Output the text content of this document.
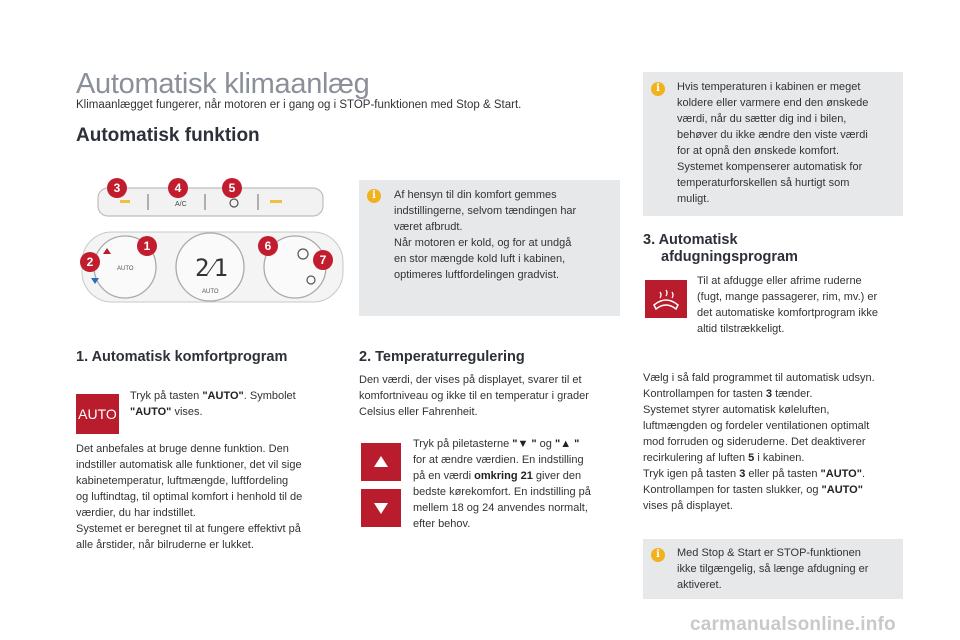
Automatisk klimaanlæg
Klimaanlægget fungerer, når motoren er i gang og i STOP-funktionen med Stop & Start.
Automatisk funktion
A/C
AUTO	2⁄1
AUTO
3	4	5
1
2
6
7
i	Af hensyn til din komfort gemmes
indstillingerne, selvom tændingen har
været afbrudt.
Når motoren er kold, og for at undgå
en stor mængde kold luft i kabinen,
optimeres luftfordelingen gradvist.
i	Hvis temperaturen i kabinen er meget
koldere eller varmere end den ønskede
værdi, når du sætter dig ind i bilen,
behøver du ikke ændre den viste værdi
for at opnå den ønskede komfort.
Systemet kompenserer automatisk for
temperaturforskellen så hurtigt som
muligt.
1. Automatisk komfortprogram
AUTO
Tryk på tasten "AUTO". Symbolet
"AUTO" vises.
Det anbefales at bruge denne funktion. Den
indstiller automatisk alle funktioner, det vil sige
kabinetemperatur, luftmængde, luftfordeling
og luftindtag, til optimal komfort i henhold til de
værdier, du har indstillet.
Systemet er beregnet til at fungere effektivt på
alle årstider, når bilruderne er lukket.
2. Temperaturregulering
Den værdi, der vises på displayet, svarer til et
komfortniveau og ikke til en temperatur i grader
Celsius eller Fahrenheit.
Tryk på piletasterne "▼ " og "▲ "
for at ændre værdien. En indstilling
på en værdi omkring 21 giver den
bedste kørekomfort. En indstilling på
mellem 18 og 24 anvendes normalt,
efter behov.
3. Automatisk
afdugningsprogram
Til at afdugge eller afrime ruderne
(fugt, mange passagerer, rim, mv.) er
det automatiske komfortprogram ikke
altid tilstrækkeligt.
Vælg i så fald programmet til automatisk udsyn.
Kontrollampen for tasten 3 tænder.
Systemet styrer automatisk køleluften,
luftmængden og fordeler ventilationen optimalt
mod forruden og sideruderne. Det deaktiverer
recirkulering af luften 5 i kabinen.
Tryk igen på tasten 3 eller på tasten "AUTO".
Kontrollampen for tasten slukker, og "AUTO"
vises på displayet.
i	Med Stop & Start er STOP-funktionen
ikke tilgængelig, så længe afdugning er
aktiveret.
carmanualsonline.info
